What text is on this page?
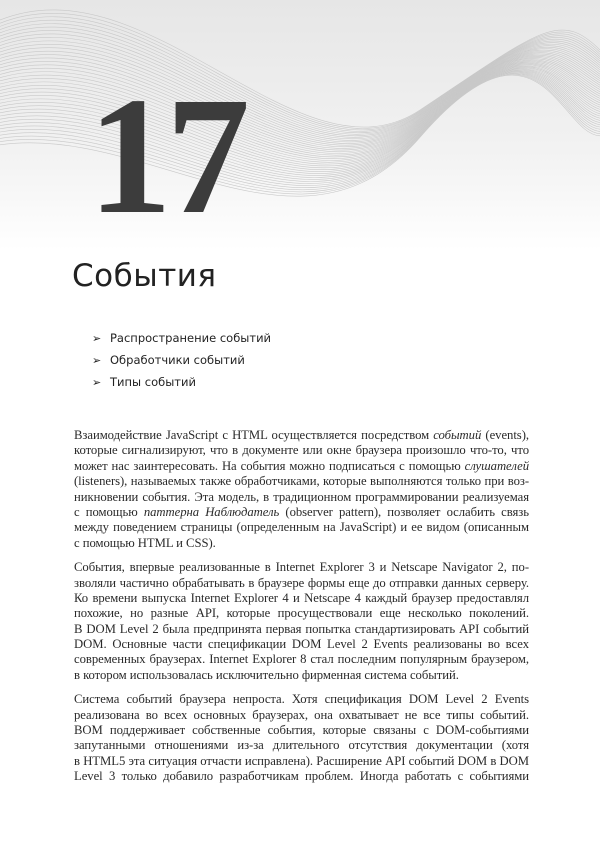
17
События
➢ Распространение событий
➢ Обработчики событий
➢ Типы событий
Взаимодействие JavaScript с HTML осуществляется посредством событий (events),
которые сигнализируют, что в документе или окне браузера произошло что-то, что
может нас заинтересовать. На события можно подписаться с помощью слушателей
(listeners), называемых также обработчиками, которые выполняются только при воз-
никновении события. Эта модель, в традиционном программировании реализуемая
с помощью паттерна Наблюдатель (observer pattern), позволяет ослабить связь
между поведением страницы (определенным на JavaScript) и ее видом (описанным
с помощью HTML и CSS).
События, впервые реализованные в Internet Explorer 3 и Netscape Navigator 2, по-
зволяли частично обрабатывать в браузере формы еще до отправки данных серверу.
Ко времени выпуска Internet Explorer 4 и Netscape 4 каждый браузер предоставлял
похожие, но разные API, которые просуществовали еще несколько поколений.
В DOM Level 2 была предпринята первая попытка стандартизировать API событий
DOM. Основные части спецификации DOM Level 2 Events реализованы во всех
современных браузерах. Internet Explorer 8 стал последним популярным браузером,
в котором использовалась исключительно фирменная система событий.
Система событий браузера непроста. Хотя спецификация DOM Level 2 Events
реализована во всех основных браузерах, она охватывает не все типы событий.
BOM поддерживает собственные события, которые связаны с DOM-событиями
запутанными отношениями из-за длительного отсутствия документации (хотя
в HTML5 эта ситуация отчасти исправлена). Расширение API событий DOM в DOM
Level 3 только добавило разработчикам проблем. Иногда работать с событиями
